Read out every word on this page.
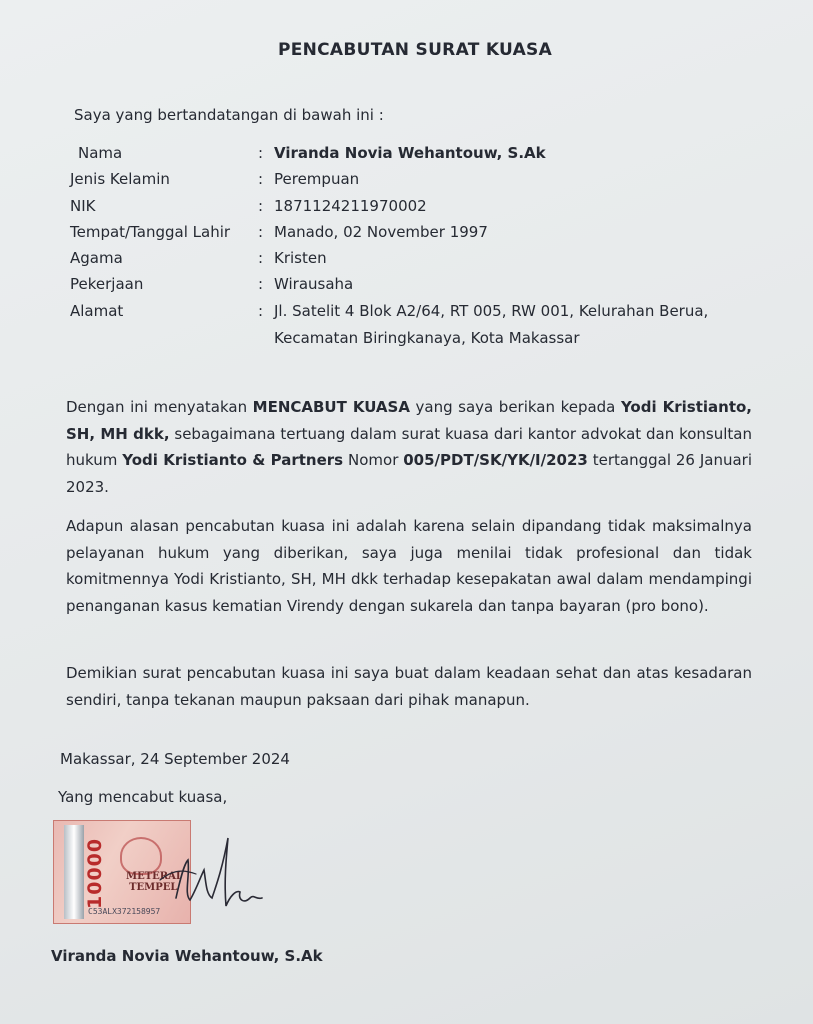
PENCABUTAN SURAT KUASA
Saya yang bertandatangan di bawah ini :
Nama	: Viranda Novia Wehantouw, S.Ak
Jenis Kelamin	: Perempuan
NIK	: 1871124211970002
Tempat/Tanggal Lahir	: Manado, 02 November 1997
Agama	: Kristen
Pekerjaan	: Wirausaha
Alamat	: Jl. Satelit 4 Blok A2/64, RT 005, RW 001, Kelurahan Berua,
Kecamatan Biringkanaya, Kota Makassar
Dengan ini menyatakan MENCABUT KUASA yang saya berikan kepada Yodi Kristianto, SH, MH dkk, sebagaimana tertuang dalam surat kuasa dari kantor advokat dan konsultan hukum Yodi Kristianto & Partners Nomor 005/PDT/SK/YK/I/2023 tertanggal 26 Januari 2023.
Adapun alasan pencabutan kuasa ini adalah karena selain dipandang tidak maksimalnya pelayanan hukum yang diberikan, saya juga menilai tidak profesional dan tidak komitmennya Yodi Kristianto, SH, MH dkk terhadap kesepakatan awal dalam mendampingi penanganan kasus kematian Virendy dengan sukarela dan tanpa bayaran (pro bono).
Demikian surat pencabutan kuasa ini saya buat dalam keadaan sehat dan atas kesadaran sendiri, tanpa tekanan maupun paksaan dari pihak manapun.
Makassar, 24 September 2024
Yang mencabut kuasa,
10000 METERAI
TEMPEL
C53ALX372158957
Viranda Novia Wehantouw, S.Ak
